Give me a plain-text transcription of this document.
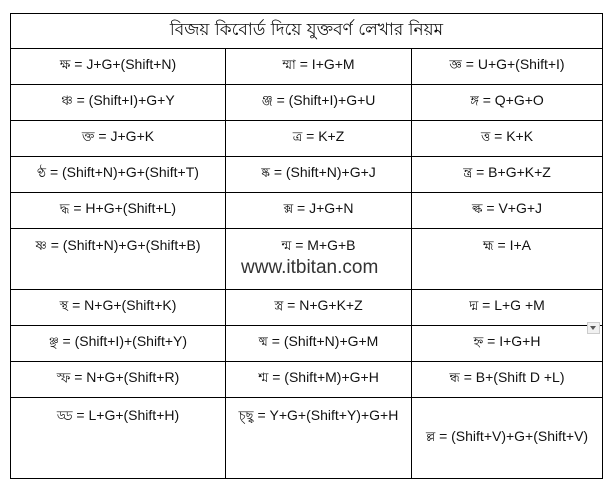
বিজয় কিবোর্ড দিয়ে যুক্তবর্ণ লেখার নিয়ম		
ক্ষ = J+G+(Shift+N)	ম্মা = I+G+M	জ্ঞ = U+G+(Shift+I)
ঞ্চ = (Shift+I)+G+Y	ঞ্জ = (Shift+I)+G+U	ঙ্গ = Q+G+O
ক্ত = J+G+K	ত্র = K+Z	ত্ত = K+K
ণ্ঠ = (Shift+N)+G+(Shift+T)	ষ্ক = (Shift+N)+G+J	ন্ত্র = B+G+K+Z
দ্ধ = H+G+(Shift+L)	ক্স = J+G+N	ল্ক = V+G+J
ষ্ণ = (Shift+N)+G+(Shift+B)	ন্ম = M+G+B	হ্ম = I+A
স্থ = N+G+(Shift+K)	স্ত্র = N+G+K+Z	দ্ম = L+G +M
ঞ্ছ = (Shift+I)+(Shift+Y)	ষ্ম = (Shift+N)+G+M	হ্ন = I+G+H
স্ফ = N+G+(Shift+R)	শ্ম = (Shift+M)+G+H	ন্ধ = B+(Shift D +L)
ড্ড = L+G+(Shift+H)	চ্ছ্ব = Y+G+(Shift+Y)+G+H	ল্ল = (Shift+V)+G+(Shift+V)
www.itbitan.com
